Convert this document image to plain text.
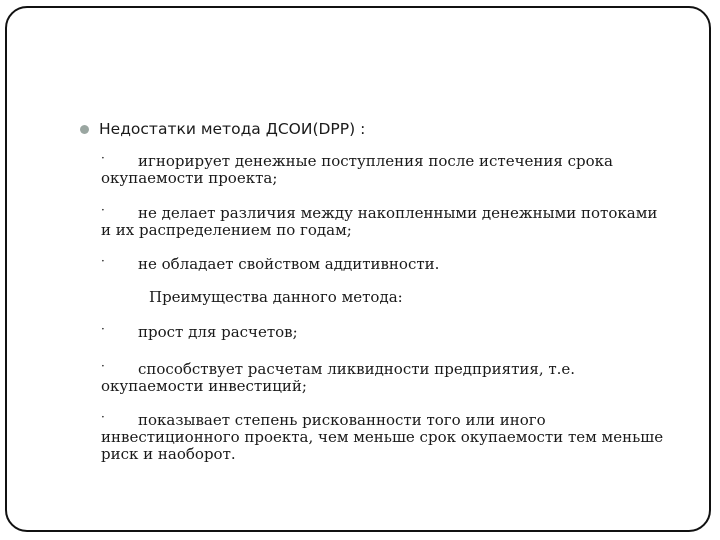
Недостатки метода ДСОИ(DPP) :
· игнорирует денежные поступления после истечения срока
окупаемости проекта;
· не делает различия между накопленными денежными потоками
и их распределением по годам;
· не обладает свойством аддитивности.
Преимущества данного метода:
· прост для расчетов;
· способствует расчетам ликвидности предприятия, т.е.
окупаемости инвестиций;
· показывает степень рискованности того или иного
инвестиционного проекта, чем меньше срок окупаемости тем меньше
риск и наоборот.
